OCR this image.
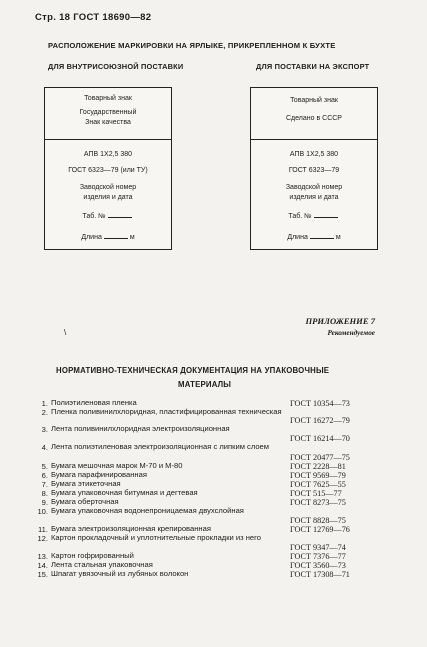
Стр. 18 ГОСТ 18690—82
РАСПОЛОЖЕНИЕ МАРКИРОВКИ НА ЯРЛЫКЕ, ПРИКРЕПЛЕННОМ К БУХТЕ
ДЛЯ ВНУТРИСОЮЗНОЙ ПОСТАВКИ	ДЛЯ ПОСТАВКИ НА ЭКСПОРТ
Товарный знак
Государственный
Знак качества
АПВ 1Х2,5 380
ГОСТ 6323—79 (или ТУ)
Заводской номер
изделия и дата
Таб. №
Длина	м
Товарный знак
Сделано в СССР
АПВ 1Х2,5 380
ГОСТ 6323—79
Заводской номер
изделия и дата
Таб. №
Длина	м
ПРИЛОЖЕНИЕ 7
Рекомендуемое
\
НОРМАТИВНО-ТЕХНИЧЕСКАЯ ДОКУМЕНТАЦИЯ НА УПАКОВОЧНЫЕ
МАТЕРИАЛЫ
1. Полиэтиленовая пленка	ГОСТ 10354—73
2. Пленка поливинилхлоридная, пластифицированная техническая
ГОСТ 16272—79
3. Лента поливинилхлоридная электроизоляционная
ГОСТ 16214—70
4. Лента полиэтиленовая электроизоляционная с липким слоем
ГОСТ 20477—75
5. Бумага мешочная марок М-70 и М-80	ГОСТ 2228—81
6. Бумага парафинированная	ГОСТ 9569—79
7. Бумага этикеточная	ГОСТ 7625—55
8. Бумага упаковочная битумная и дегтевая	ГОСТ 515—77
9. Бумага оберточная	ГОСТ 8273—75
10. Бумага упаковочная водонепроницаемая двухслойная
ГОСТ 8828—75
11. Бумага электроизоляционная крепированная	ГОСТ 12769—76
12. Картон прокладочный и уплотнительные прокладки из него
ГОСТ 9347—74
13. Картон гофрированный	ГОСТ 7376—77
14. Лента стальная упаковочная	ГОСТ 3560—73
15. Шпагат увязочный из лубяных волокон	ГОСТ 17308—71
